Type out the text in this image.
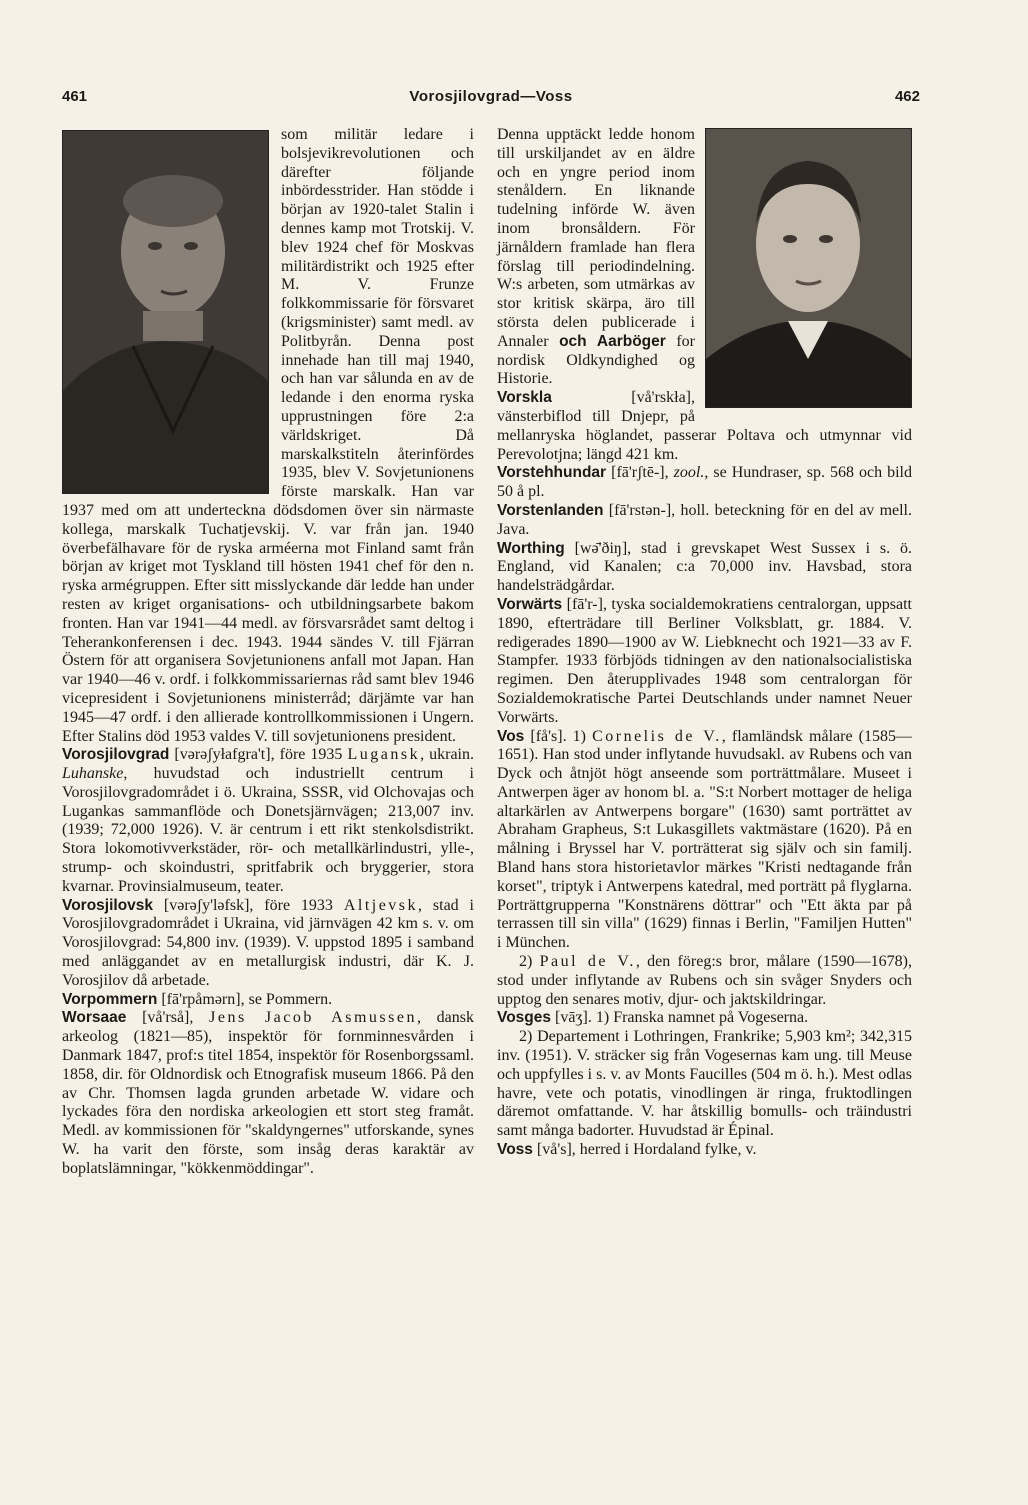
461	Vorosjilovgrad—Voss	462

som militär ledare i bolsjevikrevolutionen och därefter följande inbördesstrider. Han stödde i början av 1920-talet Stalin i dennes kamp mot Trotskij. V. blev 1924 chef för Moskvas militärdistrikt och 1925 efter M. V. Frunze folkkommissarie för försvaret (krigsminister) samt medl. av Politbyrån. Denna post innehade han till maj 1940, och han var sålunda en av de ledande i den enorma ryska upprustningen före 2:a världskriget. Då marskalkstiteln återinfördes 1935, blev V. Sovjetunionens förste marskalk. Han var 1937 med om att underteckna dödsdomen över sin närmaste kollega, marskalk Tuchatjevskij. V. var från jan. 1940 överbefälhavare för de ryska arméerna mot Finland samt från början av kriget mot Tyskland till hösten 1941 chef för den n. ryska armégruppen. Efter sitt misslyckande där ledde han under resten av kriget organisations- och utbildningsarbete bakom fronten. Han var 1941—44 medl. av försvarsrådet samt deltog i Teherankonferensen i dec. 1943. 1944 sändes V. till Fjärran Östern för att organisera Sovjetunionens anfall mot Japan. Han var 1940—46 v. ordf. i folkkommissariernas råd samt blev 1946 vicepresident i Sovjetunionens ministerråd; därjämte var han 1945—47 ordf. i den allierade kontrollkommissionen i Ungern. Efter Stalins död 1953 valdes V. till sovjetunionens president.

Vorosjilovgrad [vərəʃyłafgra't], före 1935 Lugansk, ukrain. Luhanske, huvudstad och industriellt centrum i Vorosjilovgradområdet i ö. Ukraina, SSSR, vid Olchovajas och Lugankas sammanflöde och Donetsjärnvägen; 213,007 inv. (1939; 72,000 1926). V. är centrum i ett rikt stenkolsdistrikt. Stora lokomotivverkstäder, rör- och metallkärlindustri, ylle-, strump- och skoindustri, spritfabrik och bryggerier, stora kvarnar. Provinsialmuseum, teater.

Vorosjilovsk [vərəʃy'ləfsk], före 1933 Altjevsk, stad i Vorosjilovgradområdet i Ukraina, vid järnvägen 42 km s. v. om Vorosjilovgrad: 54,800 inv. (1939). V. uppstod 1895 i samband med anläggandet av en metallurgisk industri, där K. J. Vorosjilov då arbetade.

Vorpommern [fā'rpåmərn], se Pommern.

Worsaae [vå'rså], Jens Jacob Asmussen, dansk arkeolog (1821—85), inspektör för fornminnesvården i Danmark 1847, prof:s titel 1854, inspektör för Rosenborgssaml. 1858, dir. för Oldnordisk och Etnografisk museum 1866. På den av Chr. Thomsen lagda grunden arbetade W. vidare och lyckades föra den nordiska arkeologien ett stort steg framåt. Medl. av kommissionen för "skaldyngernes" utforskande, synes W. ha varit den förste, som insåg deras karaktär av boplatslämningar, "kökkenmöddingar".

Denna upptäckt ledde honom till urskiljandet av en äldre och en yngre period inom stenåldern. En liknande tudelning införde W. även inom bronsåldern. För järnåldern framlade han flera förslag till periodindelning. W:s arbeten, som utmärkas av stor kritisk skärpa, äro till största delen publicerade i Annaler och Aarböger for nordisk Oldkyndighed og Historie.

Vorskla [vå'rskła], vänsterbiflod till Dnjepr, på mellanryska höglandet, passerar Poltava och utmynnar vid Perevolotjna; längd 421 km.

Vorstehhundar [fā'rʃtē-], zool., se Hundraser, sp. 568 och bild 50 å pl.

Vorstenlanden [fā'rstən-], holl. beteckning för en del av mell. Java.

Worthing [wə̄'ðiŋ], stad i grevskapet West Sussex i s. ö. England, vid Kanalen; c:a 70,000 inv. Havsbad, stora handelsträdgårdar.

Vorwärts [fā'r-], tyska socialdemokratiens centralorgan, uppsatt 1890, efterträdare till Berliner Volksblatt, gr. 1884. V. redigerades 1890—1900 av W. Liebknecht och 1921—33 av F. Stampfer. 1933 förbjöds tidningen av den nationalsocialistiska regimen. Den återupplivades 1948 som centralorgan för Sozialdemokratische Partei Deutschlands under namnet Neuer Vorwärts.

Vos [få's]. 1) Cornelis de V., flamländsk målare (1585—1651). Han stod under inflytande huvudsakl. av Rubens och van Dyck och åtnjöt högt anseende som porträttmålare. Museet i Antwerpen äger av honom bl. a. "S:t Norbert mottager de heliga altarkärlen av Antwerpens borgare" (1630) samt porträttet av Abraham Grapheus, S:t Lukasgillets vaktmästare (1620). På en målning i Bryssel har V. porträtterat sig själv och sin familj. Bland hans stora historietavlor märkes "Kristi nedtagande från korset", triptyk i Antwerpens katedral, med porträtt på flyglarna. Porträttgrupperna "Konstnärens döttrar" och "Ett äkta par på terrassen till sin villa" (1629) finnas i Berlin, "Familjen Hutten" i München.

2) Paul de V., den föreg:s bror, målare (1590—1678), stod under inflytande av Rubens och sin svåger Snyders och upptog den senares motiv, djur- och jaktskildringar.

Vosges [vāʒ]. 1) Franska namnet på Vogeserna.

2) Departement i Lothringen, Frankrike; 5,903 km²; 342,315 inv. (1951). V. sträcker sig från Vogesernas kam ung. till Meuse och uppfylles i s. v. av Monts Faucilles (504 m ö. h.). Mest odlas havre, vete och potatis, vinodlingen är ringa, fruktodlingen däremot omfattande. V. har åtskillig bomulls- och träindustri samt många badorter. Huvudstad är Épinal.

Voss [vå's], herred i Hordaland fylke, v.
